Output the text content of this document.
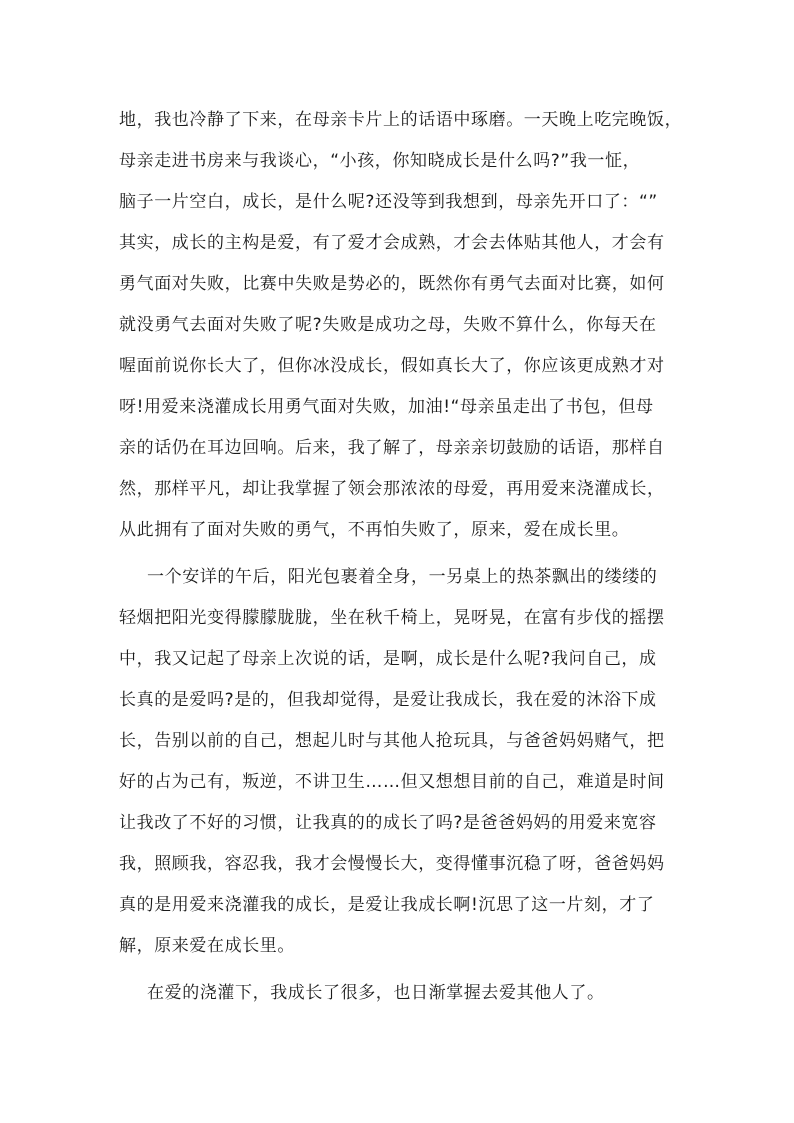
地，我也冷静了下来，在母亲卡片上的话语中琢磨。一天晚上吃完晚饭，
母亲走进书房来与我谈心，“小孩，你知晓成长是什么吗?”我一怔，
脑子一片空白，成长，是什么呢?还没等到我想到，母亲先开口了：“”
其实，成长的主构是爱，有了爱才会成熟，才会去体贴其他人，才会有
勇气面对失败，比赛中失败是势必的，既然你有勇气去面对比赛，如何
就没勇气去面对失败了呢?失败是成功之母，失败不算什么，你每天在
喔面前说你长大了，但你冰没成长，假如真长大了，你应该更成熟才对
呀!用爱来浇灌成长用勇气面对失败，加油!“母亲虽走出了书包，但母
亲的话仍在耳边回响。后来，我了解了，母亲亲切鼓励的话语，那样自
然，那样平凡，却让我掌握了领会那浓浓的母爱，再用爱来浇灌成长，
从此拥有了面对失败的勇气，不再怕失败了，原来，爱在成长里。
一个安详的午后，阳光包裹着全身，一另桌上的热茶飘出的缕缕的
轻烟把阳光变得朦朦胧胧，坐在秋千椅上，晃呀晃，在富有步伐的摇摆
中，我又记起了母亲上次说的话，是啊，成长是什么呢?我问自己，成
长真的是爱吗?是的，但我却觉得，是爱让我成长，我在爱的沐浴下成
长，告别以前的自己，想起儿时与其他人抢玩具，与爸爸妈妈赌气，把
好的占为己有，叛逆，不讲卫生……但又想想目前的自己，难道是时间
让我改了不好的习惯，让我真的的成长了吗?是爸爸妈妈的用爱来宽容
我，照顾我，容忍我，我才会慢慢长大，变得懂事沉稳了呀，爸爸妈妈
真的是用爱来浇灌我的成长，是爱让我成长啊!沉思了这一片刻，才了
解，原来爱在成长里。
在爱的浇灌下，我成长了很多，也日渐掌握去爱其他人了。
